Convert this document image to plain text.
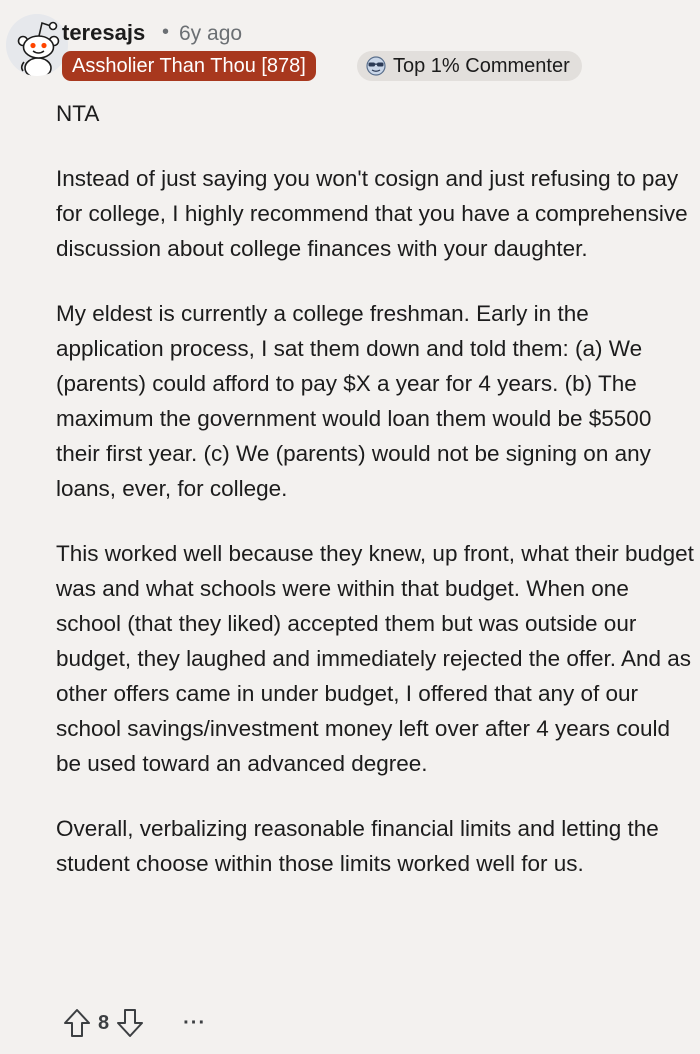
teresajs • 6y ago
Assholier Than Thou [878]	Top 1% Commenter

NTA

Instead of just saying you won't cosign and just refusing to pay for college, I highly recommend that you have a comprehensive discussion about college finances with your daughter.

My eldest is currently a college freshman. Early in the application process, I sat them down and told them: (a) We (parents) could afford to pay $X a year for 4 years. (b) The maximum the government would loan them would be $5500 their first year. (c) We (parents) would not be signing on any loans, ever, for college.

This worked well because they knew, up front, what their budget was and what schools were within that budget. When one school (that they liked) accepted them but was outside our budget, they laughed and immediately rejected the offer. And as other offers came in under budget, I offered that any of our school savings/investment money left over after 4 years could be used toward an advanced degree.

Overall, verbalizing reasonable financial limits and letting the student choose within those limits worked well for us.

8	···
